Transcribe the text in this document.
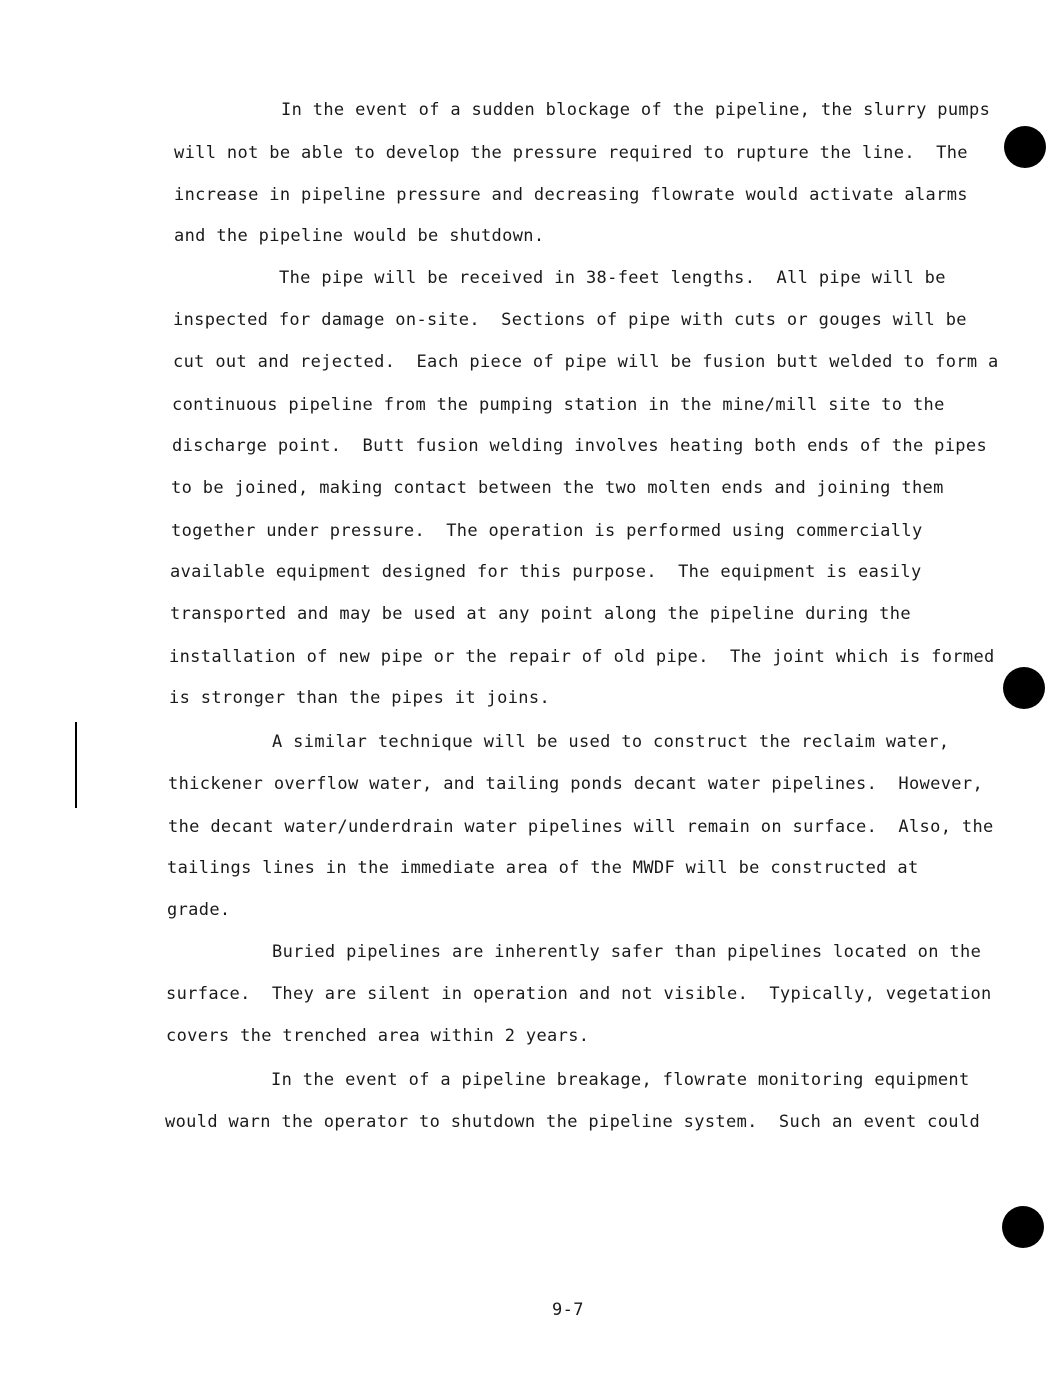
In the event of a sudden blockage of the pipeline, the slurry pumps
will not be able to develop the pressure required to rupture the line.  The
increase in pipeline pressure and decreasing flowrate would activate alarms
and the pipeline would be shutdown.
The pipe will be received in 38-feet lengths.  All pipe will be
inspected for damage on-site.  Sections of pipe with cuts or gouges will be
cut out and rejected.  Each piece of pipe will be fusion butt welded to form a
continuous pipeline from the pumping station in the mine/mill site to the
discharge point.  Butt fusion welding involves heating both ends of the pipes
to be joined, making contact between the two molten ends and joining them
together under pressure.  The operation is performed using commercially
available equipment designed for this purpose.  The equipment is easily
transported and may be used at any point along the pipeline during the
installation of new pipe or the repair of old pipe.  The joint which is formed
is stronger than the pipes it joins.
A similar technique will be used to construct the reclaim water,
thickener overflow water, and tailing ponds decant water pipelines.  However,
the decant water/underdrain water pipelines will remain on surface.  Also, the
tailings lines in the immediate area of the MWDF will be constructed at
grade.
Buried pipelines are inherently safer than pipelines located on the
surface.  They are silent in operation and not visible.  Typically, vegetation
covers the trenched area within 2 years.
In the event of a pipeline breakage, flowrate monitoring equipment
would warn the operator to shutdown the pipeline system.  Such an event could
9-7
